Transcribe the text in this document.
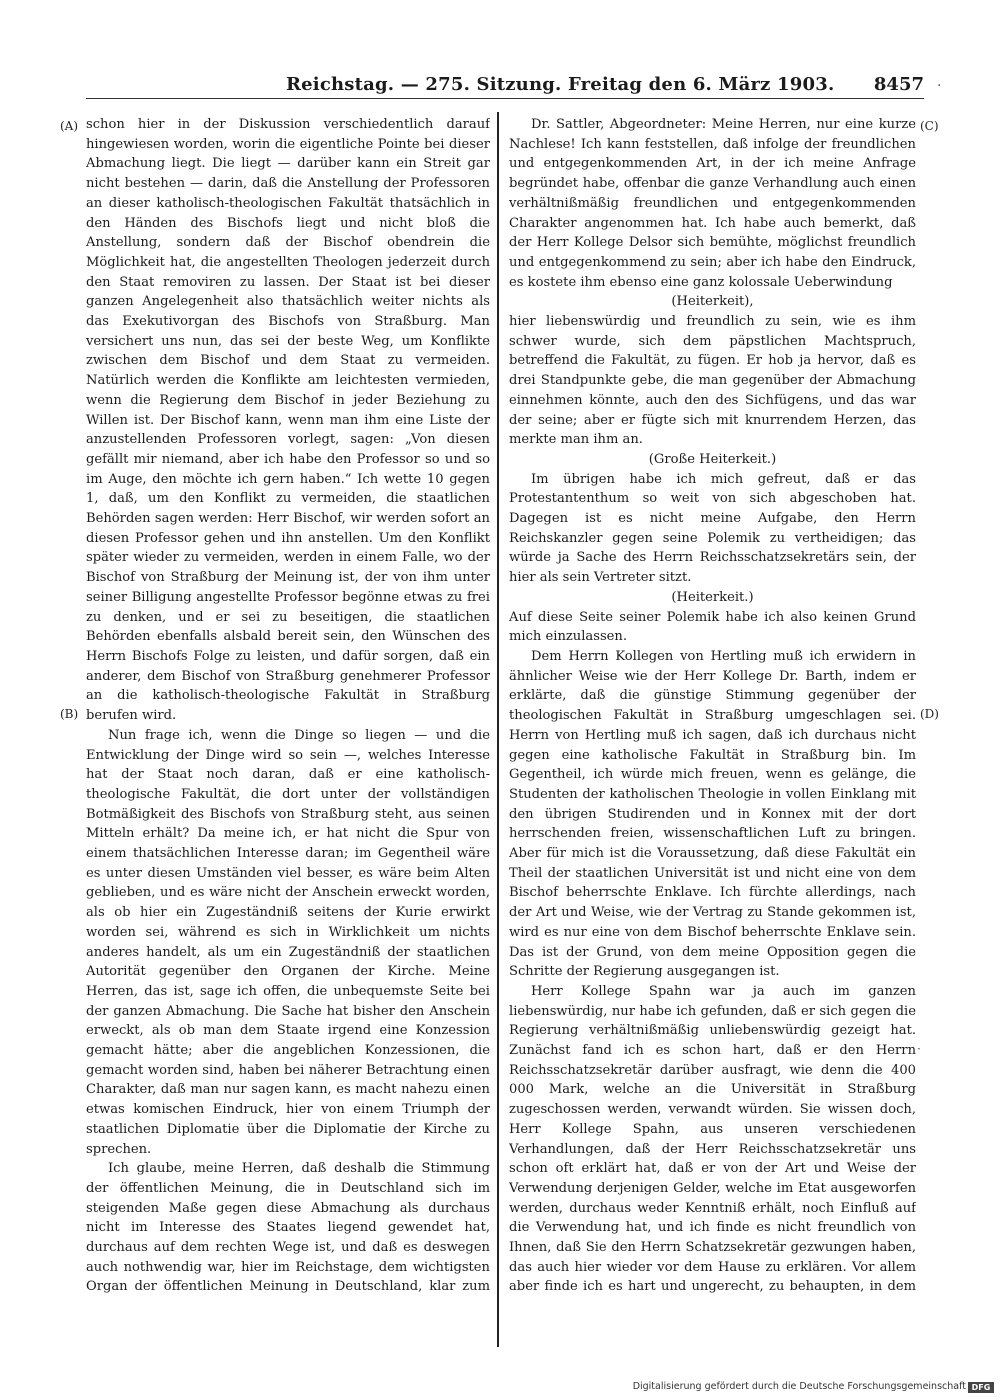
Reichstag. — 275. Sitzung. Freitag den 6. März 1903. 8457 ·
(A)
(B)
(C)
(D)

schon hier in der Diskussion verschiedentlich darauf hingewiesen worden, worin die eigentliche Pointe bei dieser Abmachung liegt. Die liegt — darüber kann ein Streit gar nicht bestehen — darin, daß die Anstellung der Professoren an dieser katholisch-theologischen Fakultät thatsächlich in den Händen des Bischofs liegt und nicht bloß die Anstellung, sondern daß der Bischof obendrein die Möglichkeit hat, die angestellten Theologen jederzeit durch den Staat removiren zu lassen. Der Staat ist bei dieser ganzen Angelegenheit also thatsächlich weiter nichts als das Exekutivorgan des Bischofs von Straßburg. Man versichert uns nun, das sei der beste Weg, um Konflikte zwischen dem Bischof und dem Staat zu vermeiden. Natürlich werden die Konflikte am leichtesten vermieden, wenn die Regierung dem Bischof in jeder Beziehung zu Willen ist. Der Bischof kann, wenn man ihm eine Liste der anzustellenden Professoren vorlegt, sagen: „Von diesen gefällt mir niemand, aber ich habe den Professor so und so im Auge, den möchte ich gern haben.“ Ich wette 10 gegen 1, daß, um den Konflikt zu vermeiden, die staatlichen Behörden sagen werden: Herr Bischof, wir werden sofort an diesen Professor gehen und ihn anstellen. Um den Konflikt später wieder zu vermeiden, werden in einem Falle, wo der Bischof von Straßburg der Meinung ist, der von ihm unter seiner Billigung angestellte Professor begönne etwas zu frei zu denken, und er sei zu beseitigen, die staatlichen Behörden ebenfalls alsbald bereit sein, den Wünschen des Herrn Bischofs Folge zu leisten, und dafür sorgen, daß ein anderer, dem Bischof von Straßburg genehmerer Professor an die katholisch-theologische Fakultät in Straßburg berufen wird.

Nun frage ich, wenn die Dinge so liegen — und die Entwicklung der Dinge wird so sein —, welches Interesse hat der Staat noch daran, daß er eine katholisch-theologische Fakultät, die dort unter der vollständigen Botmäßigkeit des Bischofs von Straßburg steht, aus seinen Mitteln erhält? Da meine ich, er hat nicht die Spur von einem thatsächlichen Interesse daran; im Gegentheil wäre es unter diesen Umständen viel besser, es wäre beim Alten geblieben, und es wäre nicht der Anschein erweckt worden, als ob hier ein Zugeständniß seitens der Kurie erwirkt worden sei, während es sich in Wirklichkeit um nichts anderes handelt, als um ein Zugeständniß der staatlichen Autorität gegenüber den Organen der Kirche. Meine Herren, das ist, sage ich offen, die unbequemste Seite bei der ganzen Abmachung. Die Sache hat bisher den Anschein erweckt, als ob man dem Staate irgend eine Konzession gemacht hätte; aber die angeblichen Konzessionen, die gemacht worden sind, haben bei näherer Betrachtung einen Charakter, daß man nur sagen kann, es macht nahezu einen etwas komischen Eindruck, hier von einem Triumph der staatlichen Diplomatie über die Diplomatie der Kirche zu sprechen.

Ich glaube, meine Herren, daß deshalb die Stimmung der öffentlichen Meinung, die in Deutschland sich im steigenden Maße gegen diese Abmachung als durchaus nicht im Interesse des Staates liegend gewendet hat, durchaus auf dem rechten Wege ist, und daß es deswegen auch nothwendig war, hier im Reichstage, dem wichtigsten Organ der öffentlichen Meinung in Deutschland, klar zum

Dr. Sattler, Abgeordneter: Meine Herren, nur eine kurze Nachlese! Ich kann feststellen, daß infolge der freundlichen und entgegenkommenden Art, in der ich meine Anfrage begründet habe, offenbar die ganze Verhandlung auch einen verhältnißmäßig freundlichen und entgegenkommenden Charakter angenommen hat. Ich habe auch bemerkt, daß der Herr Kollege Delsor sich bemühte, möglichst freundlich und entgegenkommend zu sein; aber ich habe den Eindruck, es kostete ihm ebenso eine ganz kolossale Ueberwindung

(Heiterkeit),

hier liebenswürdig und freundlich zu sein, wie es ihm schwer wurde, sich dem päpstlichen Machtspruch, betreffend die Fakultät, zu fügen. Er hob ja hervor, daß es drei Standpunkte gebe, die man gegenüber der Abmachung einnehmen könnte, auch den des Sichfügens, und das war der seine; aber er fügte sich mit knurrendem Herzen, das merkte man ihm an.

(Große Heiterkeit.)

Im übrigen habe ich mich gefreut, daß er das Protestantenthum so weit von sich abgeschoben hat. Dagegen ist es nicht meine Aufgabe, den Herrn Reichskanzler gegen seine Polemik zu vertheidigen; das würde ja Sache des Herrn Reichsschatzsekretärs sein, der hier als sein Vertreter sitzt.

(Heiterkeit.)

Auf diese Seite seiner Polemik habe ich also keinen Grund mich einzulassen.

Dem Herrn Kollegen von Hertling muß ich erwidern in ähnlicher Weise wie der Herr Kollege Dr. Barth, indem er erklärte, daß die günstige Stimmung gegenüber der theologischen Fakultät in Straßburg umgeschlagen sei. Herrn von Hertling muß ich sagen, daß ich durchaus nicht gegen eine katholische Fakultät in Straßburg bin. Im Gegentheil, ich würde mich freuen, wenn es gelänge, die Studenten der katholischen Theologie in vollen Einklang mit den übrigen Studirenden und in Konnex mit der dort herrschenden freien, wissenschaftlichen Luft zu bringen. Aber für mich ist die Voraussetzung, daß diese Fakultät ein Theil der staatlichen Universität ist und nicht eine von dem Bischof beherrschte Enklave. Ich fürchte allerdings, nach der Art und Weise, wie der Vertrag zu Stande gekommen ist, wird es nur eine von dem Bischof beherrschte Enklave sein. Das ist der Grund, von dem meine Opposition gegen die Schritte der Regierung ausgegangen ist.

Herr Kollege Spahn war ja auch im ganzen liebenswürdig, nur habe ich gefunden, daß er sich gegen die Regierung verhältnißmäßig unliebenswürdig gezeigt hat. Zunächst fand ich es schon hart, daß er den Herrn Reichsschatzsekretär darüber ausfragt, wie denn die 400 000 Mark, welche an die Universität in Straßburg zugeschossen werden, verwandt würden. Sie wissen doch, Herr Kollege Spahn, aus unseren verschiedenen Verhandlungen, daß der Herr Reichsschatzsekretär uns schon oft erklärt hat, daß er von der Art und Weise der Verwendung derjenigen Gelder, welche im Etat ausgeworfen werden, durchaus weder Kenntniß erhält, noch Einfluß auf die Verwendung hat, und ich finde es nicht freundlich von Ihnen, daß Sie den Herrn Schatzsekretär gezwungen haben, das auch hier wieder vor dem Hause zu erklären. Vor allem aber finde ich es hart und ungerecht, zu behaupten, in dem

·
Digitalisierung gefördert durch die Deutsche Forschungsgemeinschaft DFG
